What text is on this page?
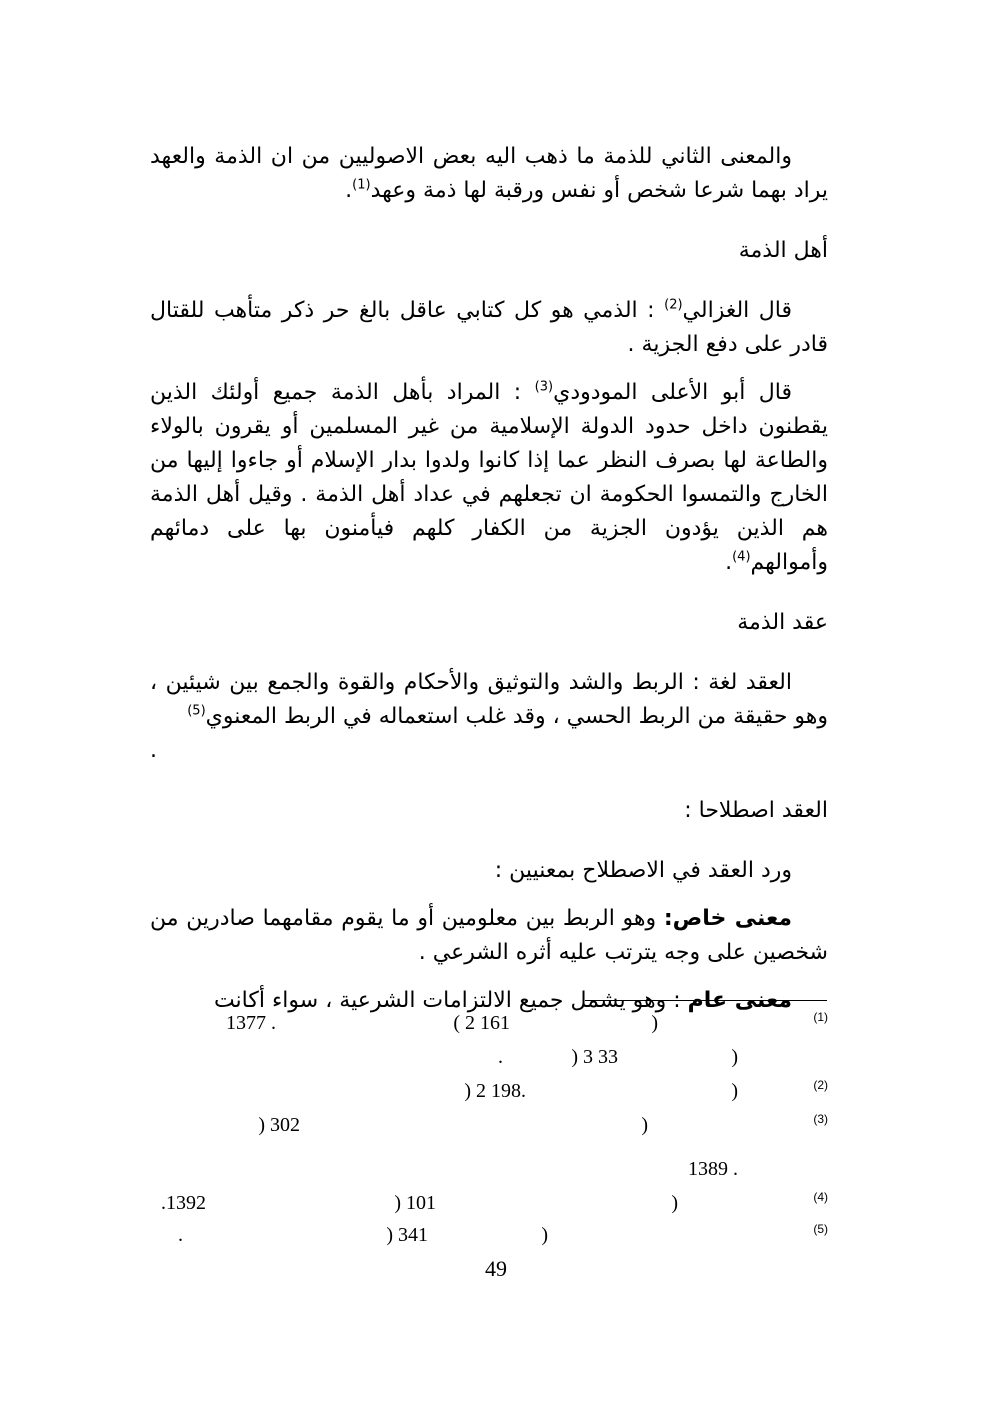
والمعنى الثاني للذمة ما ذهب اليه بعض الاصوليين من ان الذمة والعهد يراد بهما شرعا شخص أو نفس ورقبة لها ذمة وعهد$^{(1)}$.

أهل الذمة

قال الغزالي$^{(2)}$ : الذمي هو كل كتابي عاقل بالغ حر ذكر متأهب للقتال قادر على دفع الجزية .

قال أبو الأعلى المودودي$^{(3)}$ : المراد بأهل الذمة جميع أولئك الذين يقطنون داخل حدود الدولة الإسلامية من غير المسلمين أو يقرون بالولاء والطاعة لها بصرف النظر عما إذا كانوا ولدوا بدار الإسلام أو جاءوا إليها من الخارج والتمسوا الحكومة ان تجعلهم في عداد أهل الذمة . وقيل أهل الذمة هم الذين يؤدون الجزية من الكفار كلهم فيأمنون بها على دمائهم وأموالهم$^{(4)}$.

عقد الذمة

العقد لغة : الربط والشد والتوثيق والأحكام والقوة والجمع بين شيئين ، وهو حقيقة من الربط الحسي ، وقد غلب استعماله في الربط المعنوي$^{(5)}$

.

العقد اصطلاحا :

ورد العقد في الاصطلاح بمعنيين :

معنى خاص: وهو الربط بين معلومين أو ما يقوم مقامهما صادرين من شخصين على وجه يترتب عليه أثره الشرعي .

معنى عام : وهو يشمل جميع الالتزامات الشرعية ، سواء أكانت

(1)
)
( 2 161
1377 .
)
) 3 33
.
(2)
)
) 2 198.
(3)
)
) 302
1389 .
(4)
)
) 101
.1392
(5)
)
) 341
.
49
